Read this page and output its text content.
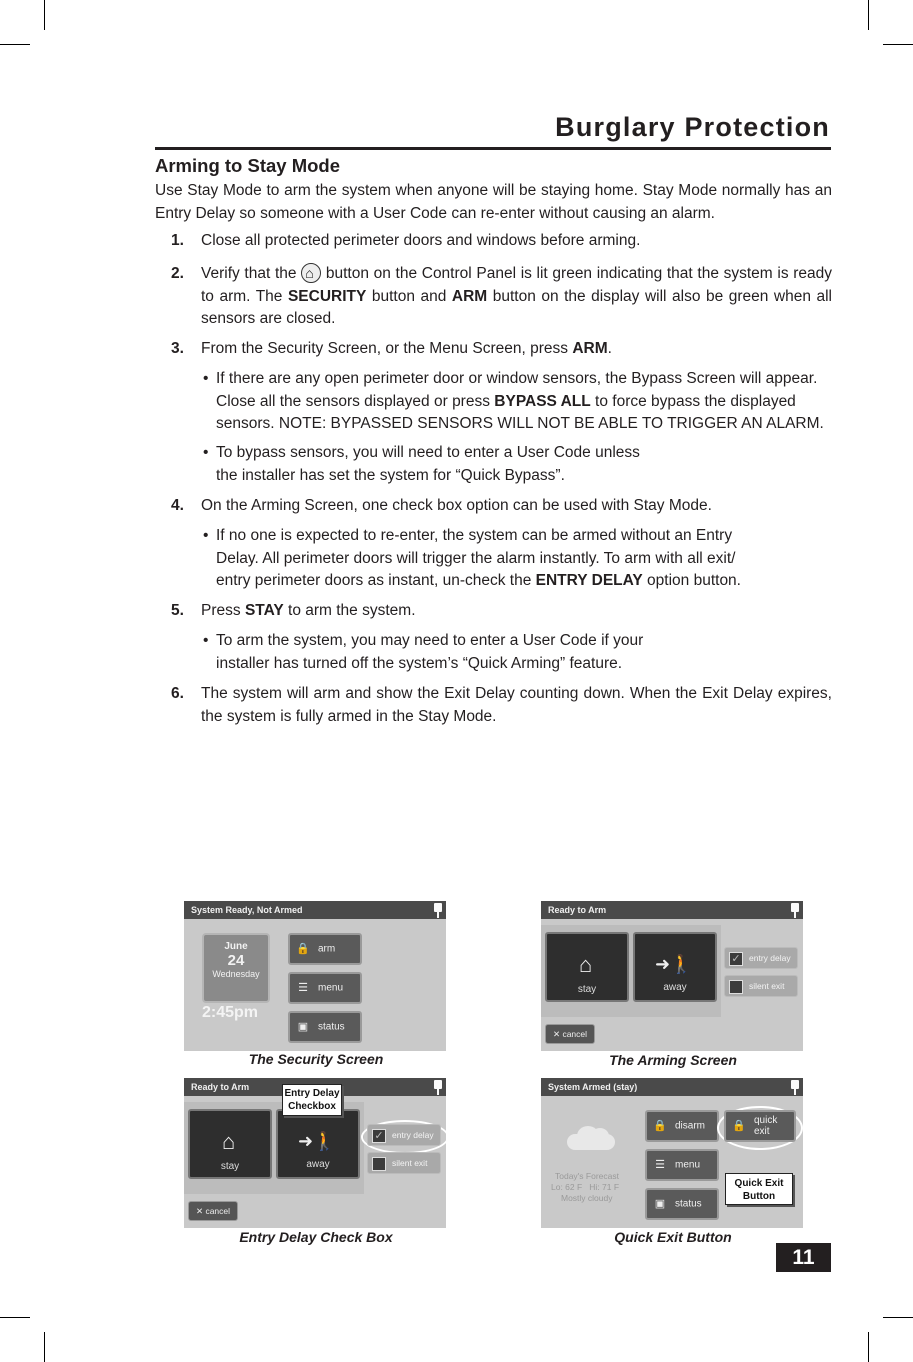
Burglary Protection
Arming to Stay Mode
Use Stay Mode to arm the system when anyone will be staying home. Stay Mode normally has an Entry Delay so someone with a User Code can re-enter without causing an alarm.
1. Close all protected perimeter doors and windows before arming.
2. Verify that the ⌂ button on the Control Panel is lit green indicating that the system is ready to arm. The SECURITY button and ARM button on the display will also be green when all sensors are closed.
3. From the Security Screen, or the Menu Screen, press ARM.
• If there are any open perimeter door or window sensors, the Bypass Screen will appear. Close all the sensors displayed or press BYPASS ALL to force bypass the displayed sensors. NOTE: BYPASSED SENSORS WILL NOT BE ABLE TO TRIGGER AN ALARM.
• To bypass sensors, you will need to enter a User Code unless
the installer has set the system for “Quick Bypass”.
4. On the Arming Screen, one check box option can be used with Stay Mode.
• If no one is expected to re-enter, the system can be armed without an Entry
Delay. All perimeter doors will trigger the alarm instantly. To arm with all exit/
entry perimeter doors as instant, un-check the ENTRY DELAY option button.
5. Press STAY to arm the system.
• To arm the system, you may need to enter a User Code if your
installer has turned off the system’s “Quick Arming” feature.
6. The system will arm and show the Exit Delay counting down. When the Exit Delay expires, the system is fully armed in the Stay Mode.
System Ready, Not Armed
June
24
Wednesday
2:45pm
🔒 arm
☰ menu
▣ status
The Security Screen
Ready to Arm
⌂
stay
➜🚶
away
✓ entry delay
silent exit
✕ cancel
The Arming Screen
Ready to Arm
⌂
stay
➜🚶
away
✓ entry delay
silent exit
✕ cancel
Entry Delay
Checkbox
Entry Delay Check Box
System Armed (stay)
Today's Forecast
Lo: 62 F Hi: 71 F
Mostly cloudy
🔒 disarm
☰ menu
▣ status
🔒 quick
exit
Quick Exit
Button
Quick Exit Button
11
